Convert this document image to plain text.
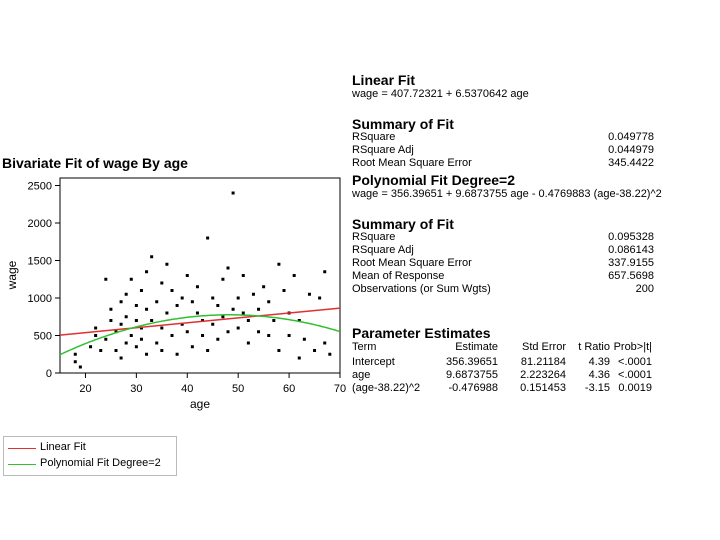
Bivariate Fit of wage By age
0
500
1000
1500
2000
2500
20	30	40	50	60	70
wage
age
Linear Fit
Polynomial Fit Degree=2
Linear Fit
wage = 407.72321 + 6.5370642 age
Summary of Fit
RSquare	0.049778
RSquare Adj	0.044979
Root Mean Square Error	345.4422
Polynomial Fit Degree=2
wage = 356.39651 + 9.6873755 age - 0.4769883 (age-38.22)^2
Summary of Fit
RSquare	0.095328
RSquare Adj	0.086143
Root Mean Square Error	337.9155
Mean of Response	657.5698
Observations (or Sum Wgts)	200
Parameter Estimates
Term	Estimate	Std Error	t Ratio Prob>|t|
Intercept	356.39651	81.21184	4.39 <.0001
age	9.6873755	2.223264	4.36 <.0001
(age-38.22)^2	-0.476988	0.151453	-3.15 0.0019
